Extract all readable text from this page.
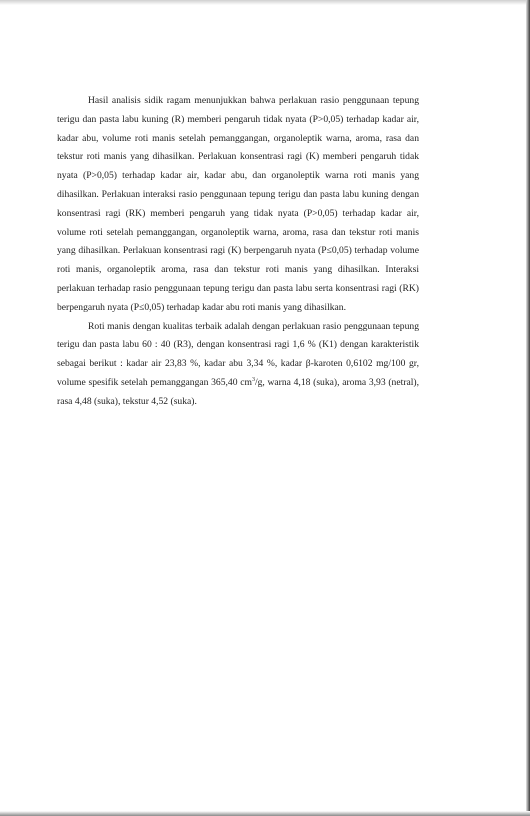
Hasil analisis sidik ragam menunjukkan bahwa perlakuan rasio penggunaan tepung terigu dan pasta labu kuning (R) memberi pengaruh tidak nyata (P>0,05) terhadap kadar air, kadar abu, volume roti manis setelah pemanggangan, organoleptik warna, aroma, rasa dan tekstur roti manis yang dihasilkan. Perlakuan konsentrasi ragi (K) memberi pengaruh tidak nyata (P>0,05) terhadap kadar air, kadar abu, dan organoleptik warna roti manis yang dihasilkan. Perlakuan interaksi rasio penggunaan tepung terigu dan pasta labu kuning dengan konsentrasi ragi (RK) memberi pengaruh yang tidak nyata (P>0,05) terhadap kadar air, volume roti setelah pemanggangan, organoleptik warna, aroma, rasa dan tekstur roti manis yang dihasilkan. Perlakuan konsentrasi ragi (K) berpengaruh nyata (P≤0,05) terhadap volume roti manis, organoleptik aroma, rasa dan tekstur roti manis yang dihasilkan. Interaksi perlakuan terhadap rasio penggunaan tepung terigu dan pasta labu serta konsentrasi ragi (RK) berpengaruh nyata (P≤0,05) terhadap kadar abu roti manis yang dihasilkan.

Roti manis dengan kualitas terbaik adalah dengan perlakuan rasio penggunaan tepung terigu dan pasta labu 60 : 40 (R3), dengan konsentrasi ragi 1,6 % (K1) dengan karakteristik sebagai berikut : kadar air 23,83 %, kadar abu 3,34 %, kadar β-karoten 0,6102 mg/100 gr, volume spesifik setelah pemanggangan 365,40 $cm^3/g$, warna 4,18 (suka), aroma 3,93 (netral), rasa 4,48 (suka), tekstur 4,52 (suka).
